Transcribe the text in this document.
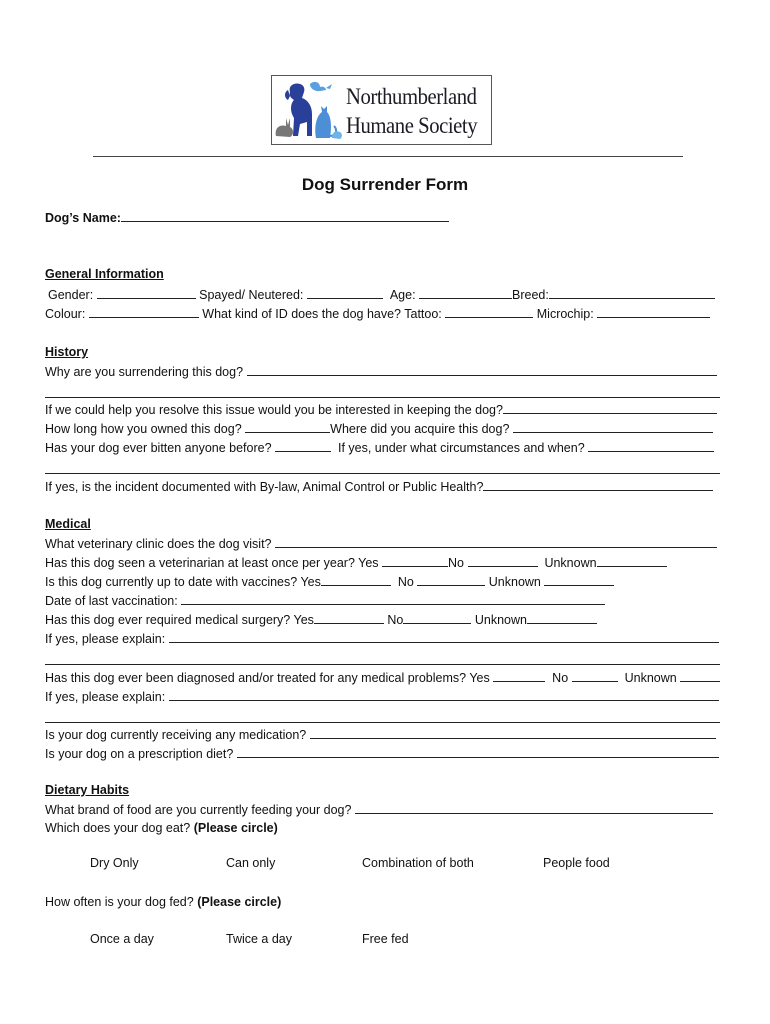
Northumberland
Humane Society
Dog Surrender Form
Dog’s Name:
General Information
Gender:	Spayed/ Neutered:	Age:	Breed:
Colour:	What kind of ID does the dog have? Tattoo:	Microchip:
History
Why are you surrendering this dog?
If we could help you resolve this issue would you be interested in keeping the dog?
How long how you owned this dog?	Where did you acquire this dog?
Has your dog ever bitten anyone before?	If yes, under what circumstances and when?
If yes, is the incident documented with By-law, Animal Control or Public Health?
Medical
What veterinary clinic does the dog visit?
Has this dog seen a veterinarian at least once per year? Yes	No	Unknown
Is this dog currently up to date with vaccines? Yes	No	Unknown
Date of last vaccination:
Has this dog ever required medical surgery? Yes	No	Unknown
If yes, please explain:
Has this dog ever been diagnosed and/or treated for any medical problems? Yes	No	Unknown
If yes, please explain:
Is your dog currently receiving any medication?
Is your dog on a prescription diet?
Dietary Habits
What brand of food are you currently feeding your dog?
Which does your dog eat? (Please circle)
Dry Only	Can only	Combination of both	People food
How often is your dog fed? (Please circle)
Once a day	Twice a day	Free fed
